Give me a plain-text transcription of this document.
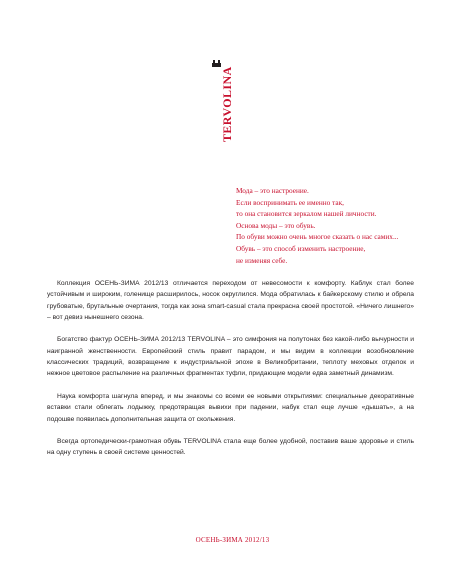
TERVOLINA
Мода – это настроение.
Если воспринимать ее именно так,
то она становится зеркалом нашей личности.
Основа моды – это обувь.
По обуви можно очень многое сказать о нас самих...
Обувь – это способ изменить настроение,
не изменяя себе.

Коллекция ОСЕНЬ-ЗИМА 2012/13 отличается переходом от невесомости к комфорту. Каблук стал более устойчивым и широким, голенище расширилось, носок округлился. Мода обратилась к байкерскому стилю и обрела грубоватые, брутальные очертания, тогда как зона smart-casual стала прекрасна своей простотой. «Ничего лишнего» – вот девиз нынешнего сезона.

Богатство фактур ОСЕНЬ-ЗИМА 2012/13 TERVOLINA – это симфония на полутонах без какой-либо вычурности и наигранной женственности. Европейский стиль правит парадом, и мы видим в коллекции возобновление классических традиций, возвращение к индустриальной эпохе в Великобритании, теплоту меховых отделок и нежное цветовое распыление на различных фрагментах туфли, придающие модели едва заметный динамизм.

Наука комфорта шагнула вперед, и мы знакомы со всеми ее новыми открытиями: специальные декоративные вставки стали облегать лодыжку, предотвращая вывихи при падении, набук стал еще лучше «дышать», а на подошве появилась дополнительная защита от скольжения.

Всегда ортопедически-грамотная обувь TERVOLINA стала еще более удобной, поставив ваше здоровье и стиль на одну ступень в своей системе ценностей.

ОСЕНЬ-ЗИМА 2012/13
